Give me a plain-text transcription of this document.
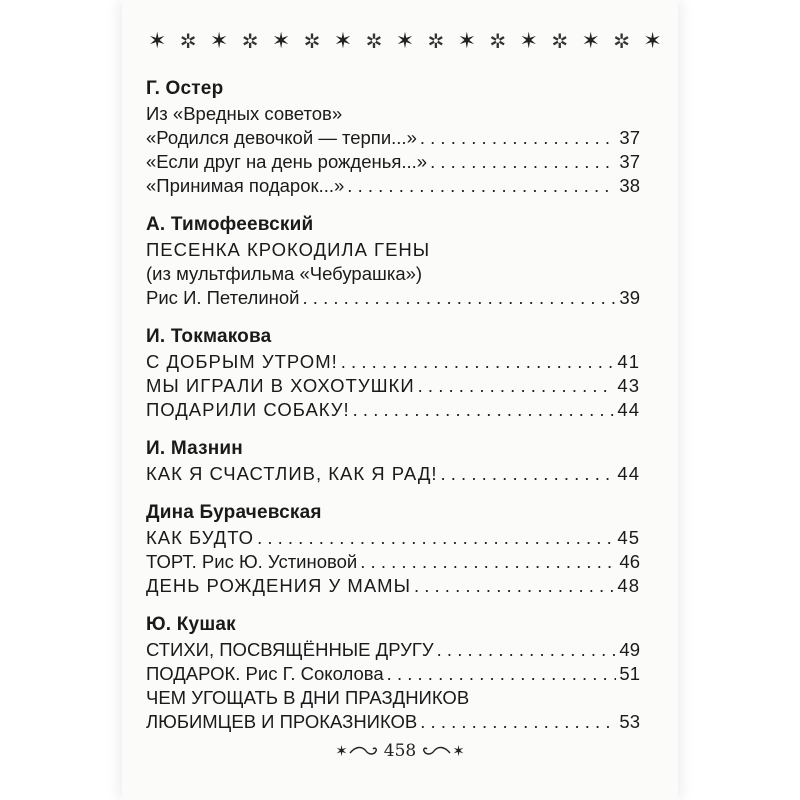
✶ ✲ ✶ ✲ ✶ ✲ ✶ ✲ ✶ ✲ ✶ ✲ ✶ ✲ ✶ ✲ ✶
Г. Остер
Из «Вредных советов»
«Родился девочкой — терпи...» . . .	37
«Если друг на день рожденья...» . . .	37
«Принимая подарок...» . . .	38
А. Тимофеевский
ПЕСЕНКА КРОКОДИЛА ГЕНЫ
(из мультфильма «Чебурашка»)
Рис И. Петелиной . . .	39
И. Токмакова
С ДОБРЫМ УТРОМ! . . .	41
МЫ ИГРАЛИ В ХОХОТУШКИ . . .	43
ПОДАРИЛИ СОБАКУ! . . .	44
И. Мазнин
КАК Я СЧАСТЛИВ, КАК Я РАД! . . .	44
Дина Бурачевская
КАК БУДТО . . .	45
ТОРТ. Рис Ю. Устиновой . . .	46
ДЕНЬ РОЖДЕНИЯ У МАМЫ . . .	48
Ю. Кушак
СТИХИ, ПОСВЯЩЁННЫЕ ДРУГУ . . .	49
ПОДАРОК. Рис Г. Соколова . . .	51
ЧЕМ УГОЩАТЬ В ДНИ ПРАЗДНИКОВ
ЛЮБИМЦЕВ И ПРОКАЗНИКОВ . . .	53
✶ 458 ✶
